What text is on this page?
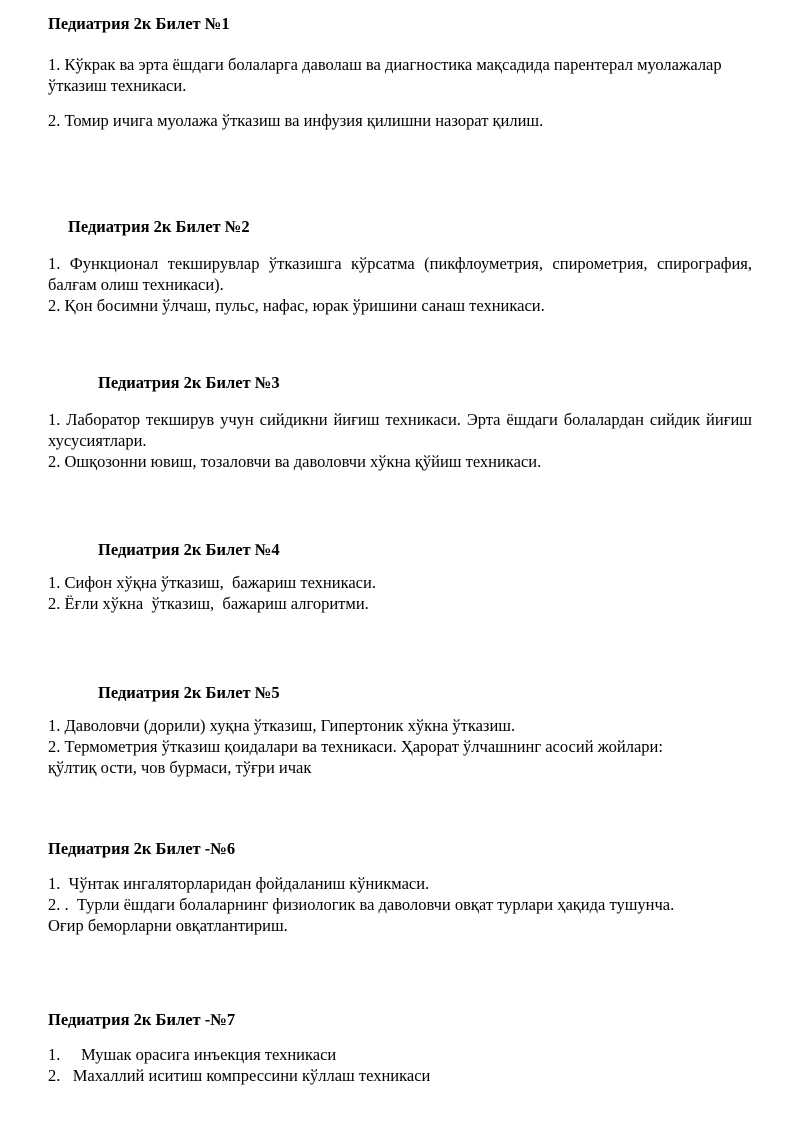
Педиатрия 2к Билет №1

1. Кўкрак ва эрта ёшдаги болаларга даволаш ва диагностика мақсадида парентерал муолажалар ўтказиш техникаси.

2. Томир ичига муолажа ўтказиш ва инфузия қилишни назорат қилиш.

Педиатрия 2к Билет №2

1. Функционал текширувлар ўтказишга кўрсатма (пикфлоуметрия, спирометрия, спирография, балғам олиш техникаси).

2. Қон босимни ўлчаш, пульс, нафас, юрак ўришини санаш техникаси.

Педиатрия 2к Билет №3

1. Лаборатор текширув учун сийдикни йиғиш техникаси. Эрта ёшдаги болалардан сийдик йиғиш хусусиятлари.

2. Ошқозонни ювиш, тозаловчи ва даволовчи хўкна қўйиш техникаси.

Педиатрия 2к Билет №4

1. Сифон хўқна ўтказиш,  бажариш техникаси.

2. Ёғли хўкна  ўтказиш,  бажариш алгоритми.

Педиатрия 2к Билет №5

1. Даволовчи (дорили) хуқна ўтказиш, Гипертоник хўкна ўтказиш.

2. Термометрия ўтказиш қоидалари ва техникаси. Ҳарорат ўлчашнинг асосий жойлари: қўлтиқ ости, чов бурмаси, тўғри ичак

Педиатрия 2к Билет -№6

1.  Чўнтак ингаляторларидан фойдаланиш кўникмаси.

2. .  Турли ёшдаги болаларнинг физиологик ва даволовчи овқат турлари ҳақида тушунча.  Оғир беморларни овқатлантириш.

Педиатрия 2к Билет -№7

1.     Мушак орасига инъекция техникаси

2.   Махаллий иситиш компрессини кўллаш техникаси
